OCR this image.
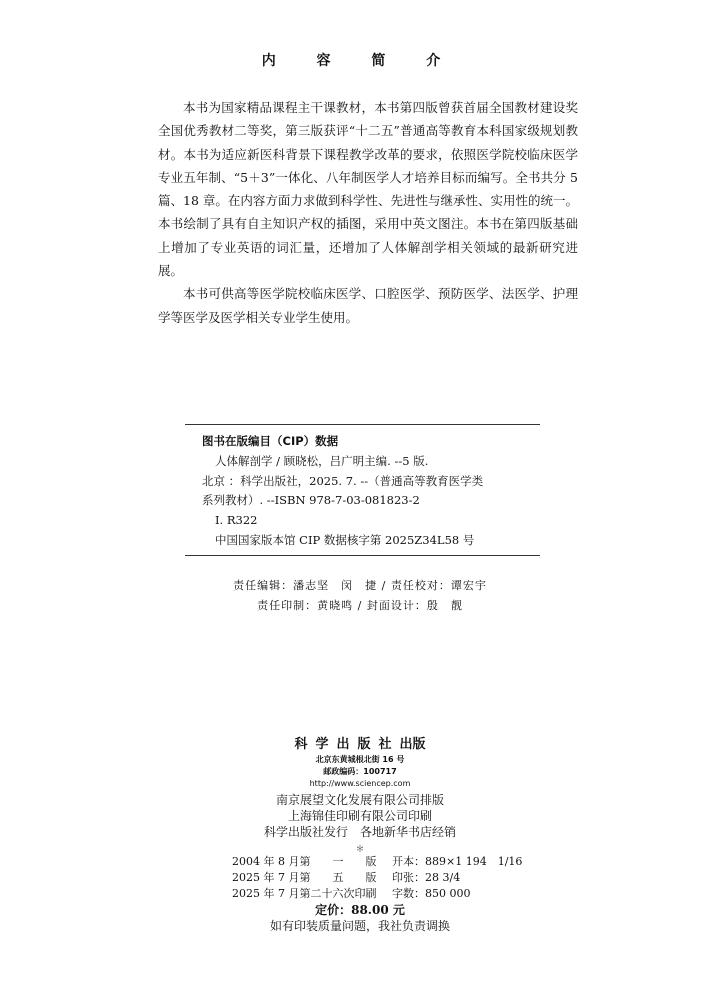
内 容 简 介

本书为国家精品课程主干课教材，本书第四版曾获首届全国教材建设奖全国优秀教材二等奖，第三版获评“十二五”普通高等教育本科国家级规划教材。本书为适应新医科背景下课程教学改革的要求，依照医学院校临床医学专业五年制、“5＋3”一体化、八年制医学人才培养目标而编写。全书共分 5 篇、18 章。在内容方面力求做到科学性、先进性与继承性、实用性的统一。本书绘制了具有自主知识产权的插图，采用中英文图注。本书在第四版基础上增加了专业英语的词汇量，还增加了人体解剖学相关领域的最新研究进展。

本书可供高等医学院校临床医学、口腔医学、预防医学、法医学、护理学等医学及医学相关专业学生使用。

图书在版编目（CIP）数据
人体解剖学 / 顾晓松，吕广明主编. --5 版.
北京 ：科学出版社，2025. 7. --（普通高等教育医学类
系列教材）. --ISBN 978-7-03-081823-2
Ⅰ. R322
中国国家版本馆 CIP 数据核字第 2025Z34L58 号
责任编辑：潘志坚　闵　捷 / 责任校对：谭宏宇
责任印制：黄晓鸣 / 封面设计：殷　靓
科学出版社出版
北京东黄城根北街 16 号
邮政编码：100717
http://www.sciencep.com
南京展望文化发展有限公司排版
上海锦佳印刷有限公司印刷
科学出版社发行　各地新华书店经销
＊
2004 年 8 月第　　一　　版 开本：889×1 194　1/16
2025 年 7 月第　　五　　版 印张：28 3/4
2025 年 7 月第二十六次印刷 字数：850 000
定价：88.00 元
如有印装质量问题，我社负责调换
